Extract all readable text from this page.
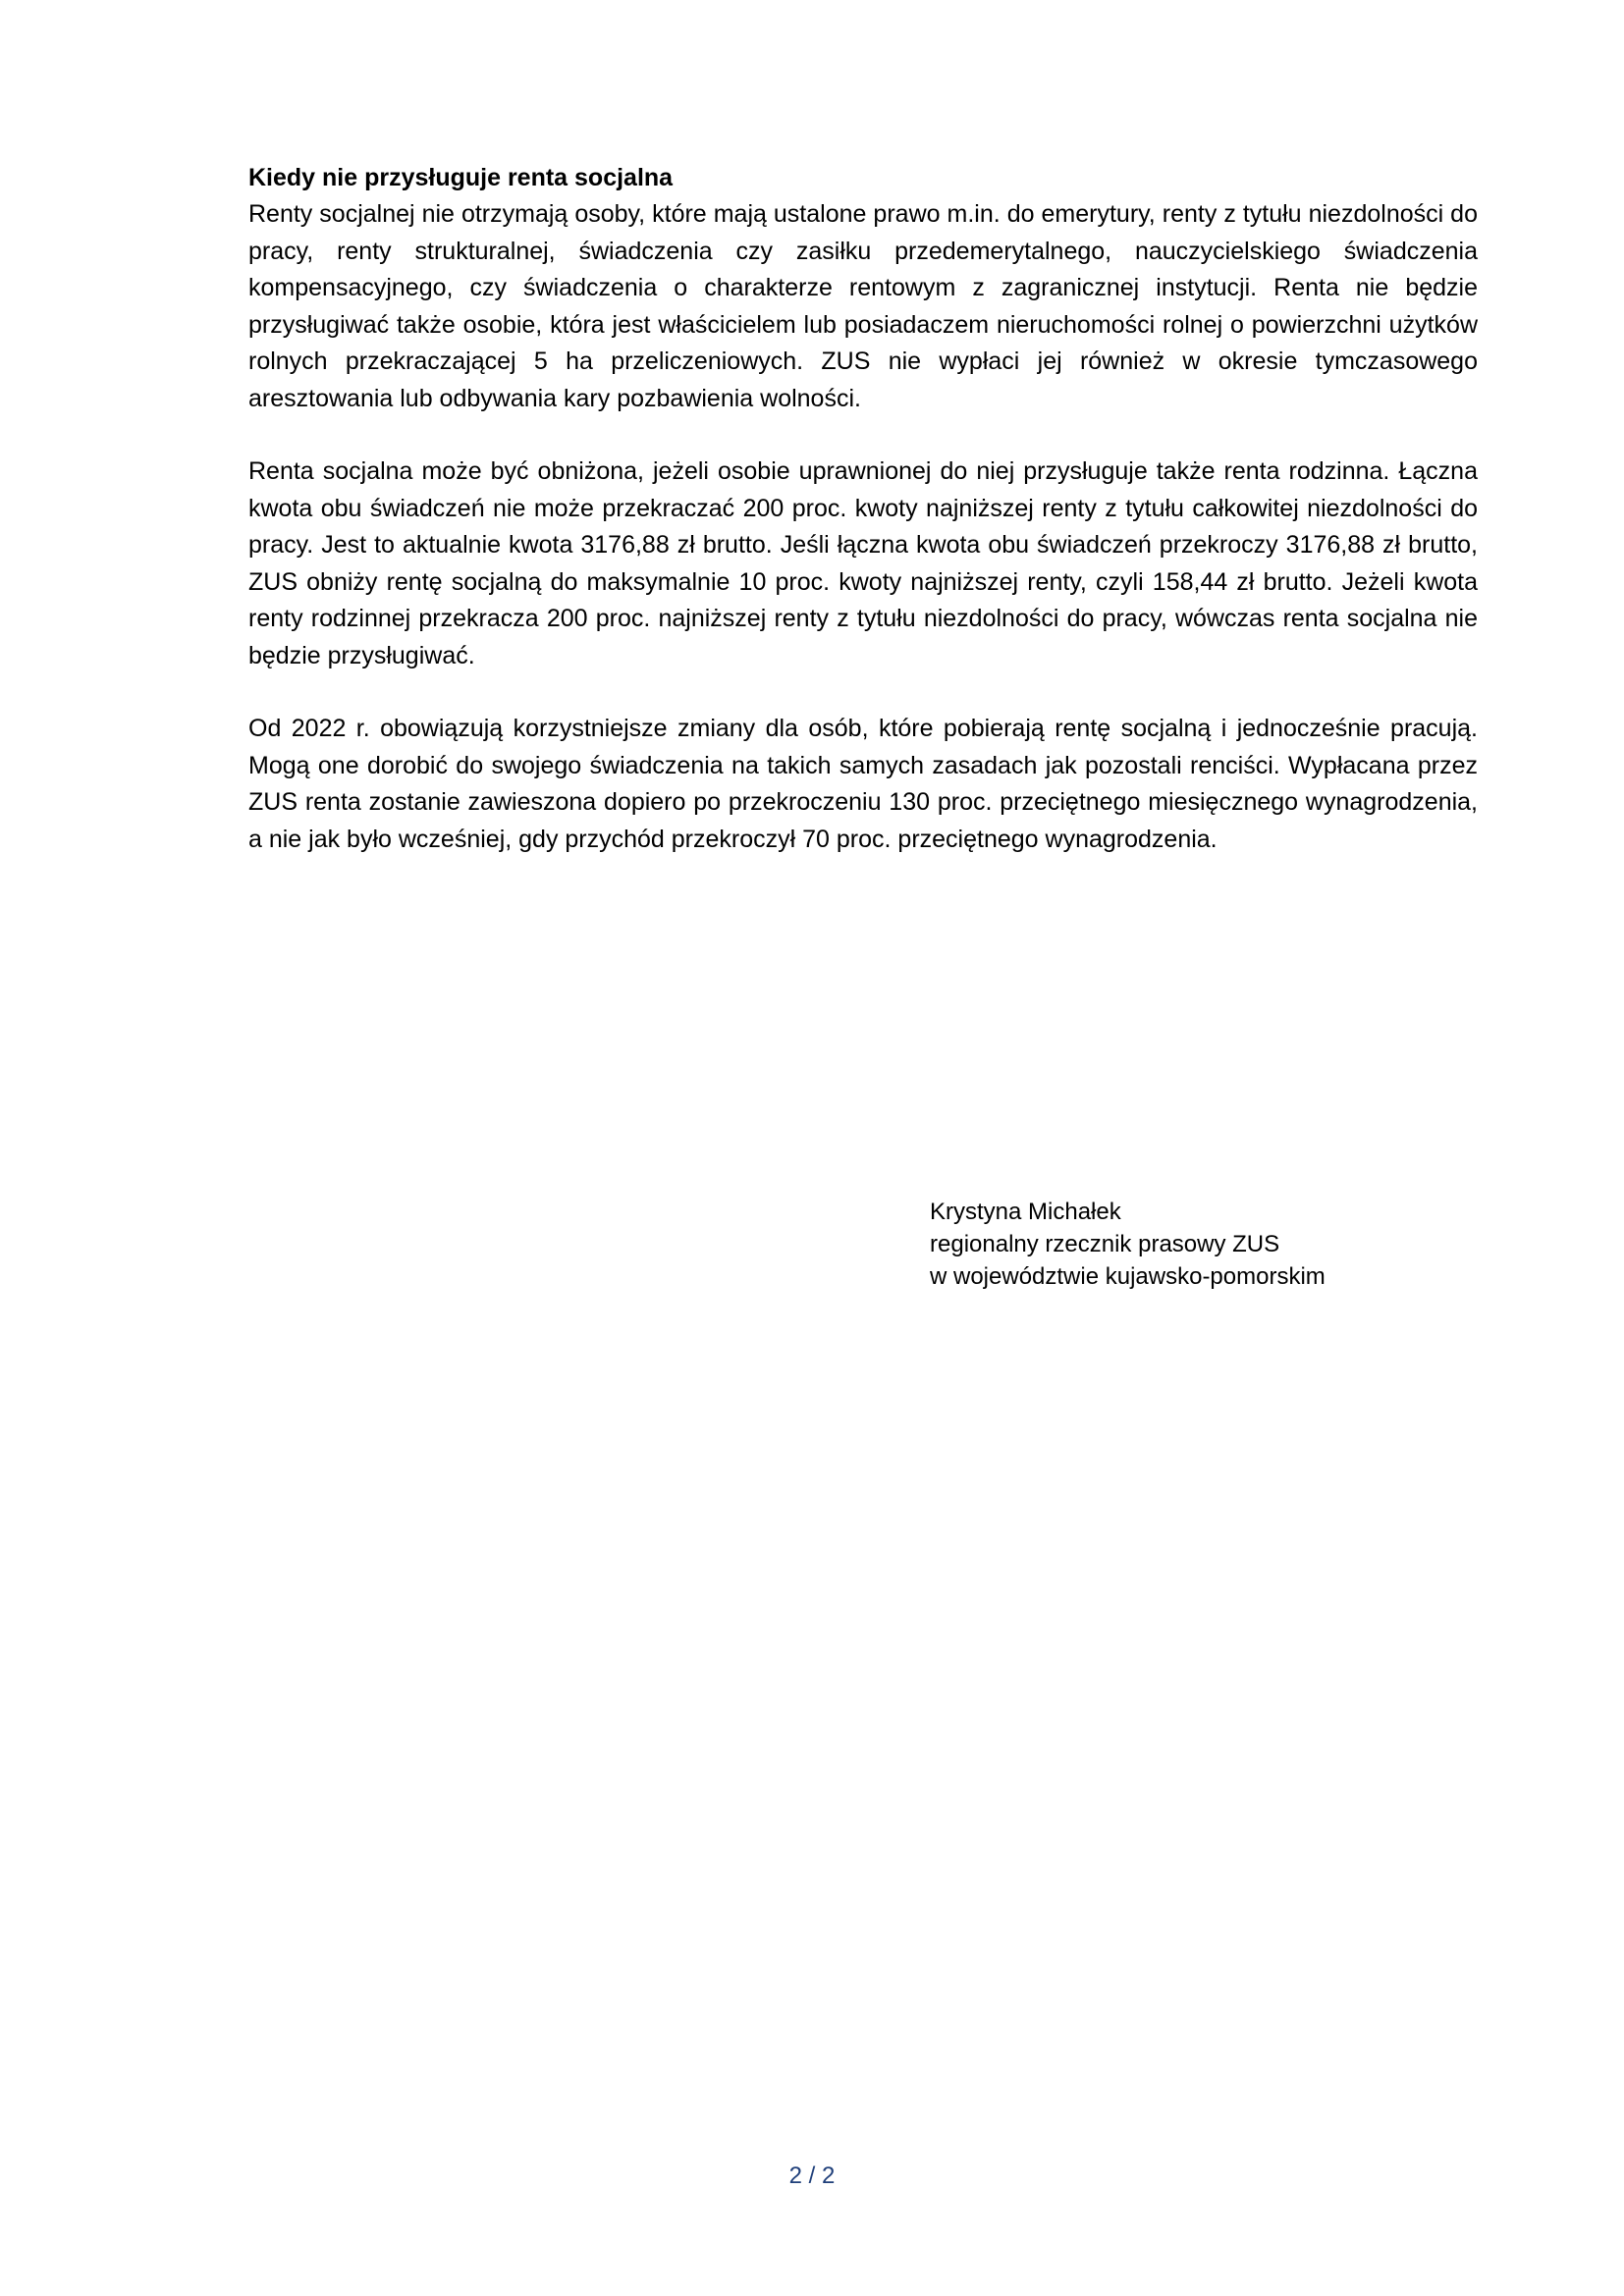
Kiedy nie przysługuje renta socjalna

Renty socjalnej nie otrzymają osoby, które mają ustalone prawo m.in. do emerytury, renty z tytułu niezdolności do pracy, renty strukturalnej, świadczenia czy zasiłku przedemerytalnego, nauczycielskiego świadczenia kompensacyjnego, czy świadczenia o charakterze rentowym z zagranicznej instytucji. Renta nie będzie przysługiwać także osobie, która jest właścicielem lub posiadaczem nieruchomości rolnej o powierzchni użytków rolnych przekraczającej 5 ha przeliczeniowych. ZUS nie wypłaci jej również w okresie tymczasowego aresztowania lub odbywania kary pozbawienia wolności.

Renta socjalna może być obniżona, jeżeli osobie uprawnionej do niej przysługuje także renta rodzinna. Łączna kwota obu świadczeń nie może przekraczać 200 proc. kwoty najniższej renty z tytułu całkowitej niezdolności do pracy. Jest to aktualnie kwota 3176,88 zł brutto. Jeśli łączna kwota obu świadczeń przekroczy 3176,88 zł brutto, ZUS obniży rentę socjalną do maksymalnie 10 proc. kwoty najniższej renty, czyli 158,44 zł brutto. Jeżeli kwota renty rodzinnej przekracza 200 proc. najniższej renty z tytułu niezdolności do pracy, wówczas renta socjalna nie będzie przysługiwać.

Od 2022 r. obowiązują korzystniejsze zmiany dla osób, które pobierają rentę socjalną i jednocześnie pracują. Mogą one dorobić do swojego świadczenia na takich samych zasadach jak pozostali renciści. Wypłacana przez ZUS renta zostanie zawieszona dopiero po przekroczeniu 130 proc. przeciętnego miesięcznego wynagrodzenia, a nie jak było wcześniej, gdy przychód przekroczył 70 proc. przeciętnego wynagrodzenia.

Krystyna Michałek
regionalny rzecznik prasowy ZUS
w województwie kujawsko-pomorskim
2 / 2
